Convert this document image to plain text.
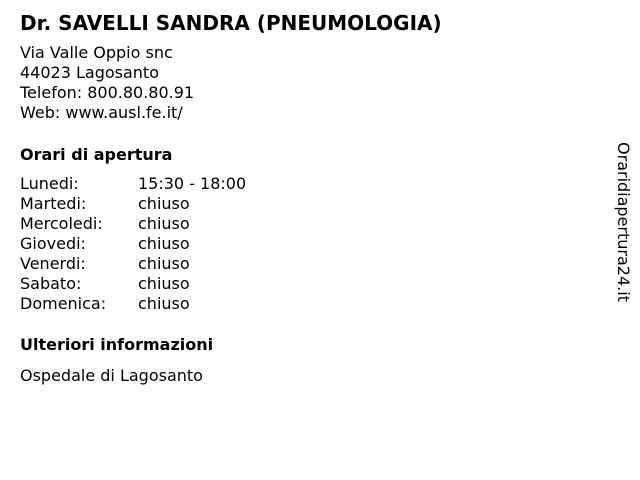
Dr. SAVELLI SANDRA (PNEUMOLOGIA)
Via Valle Oppio snc
44023 Lagosanto
Telefon: 800.80.80.91
Web: www.ausl.fe.it/
Orari di apertura
Lunedi:	15:30 - 18:00
Martedi:	chiuso
Mercoledi:	chiuso
Giovedi:	chiuso
Venerdi:	chiuso
Sabato:	chiuso
Domenica:	chiuso
Ulteriori informazioni
Ospedale di Lagosanto
Oraridiapertura24.it
